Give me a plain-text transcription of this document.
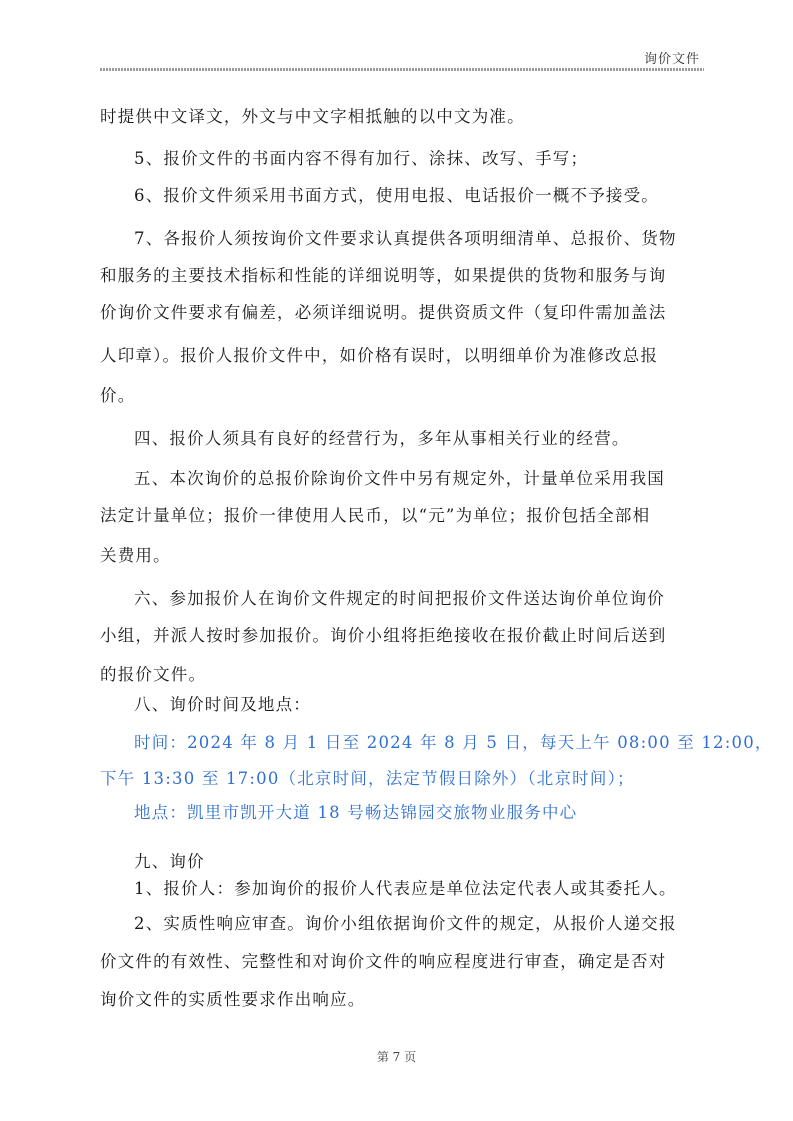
询价文件
时提供中文译文，外文与中文字相抵触的以中文为准。
5、报价文件的书面内容不得有加行、涂抹、改写、手写；
6、报价文件须采用书面方式，使用电报、电话报价一概不予接受。
7、各报价人须按询价文件要求认真提供各项明细清单、总报价、货物
和服务的主要技术指标和性能的详细说明等，如果提供的货物和服务与询
价询价文件要求有偏差，必须详细说明。提供资质文件（复印件需加盖法
人印章）。报价人报价文件中，如价格有误时，以明细单价为准修改总报
价。
四、报价人须具有良好的经营行为，多年从事相关行业的经营。
五、本次询价的总报价除询价文件中另有规定外，计量单位采用我国
法定计量单位；报价一律使用人民币，以“元”为单位；报价包括全部相
关费用。
六、参加报价人在询价文件规定的时间把报价文件送达询价单位询价
小组，并派人按时参加报价。询价小组将拒绝接收在报价截止时间后送到
的报价文件。
八、询价时间及地点：
时间：2024 年 8 月 1 日至 2024 年 8 月 5 日，每天上午 08:00 至 12:00，
下午 13:30 至 17:00（北京时间，法定节假日除外）（北京时间）；
地点：凯里市凯开大道 18 号畅达锦园交旅物业服务中心
九、询价
1、报价人：参加询价的报价人代表应是单位法定代表人或其委托人。
2、实质性响应审查。询价小组依据询价文件的规定，从报价人递交报
价文件的有效性、完整性和对询价文件的响应程度进行审查，确定是否对
询价文件的实质性要求作出响应。
第 7 页
